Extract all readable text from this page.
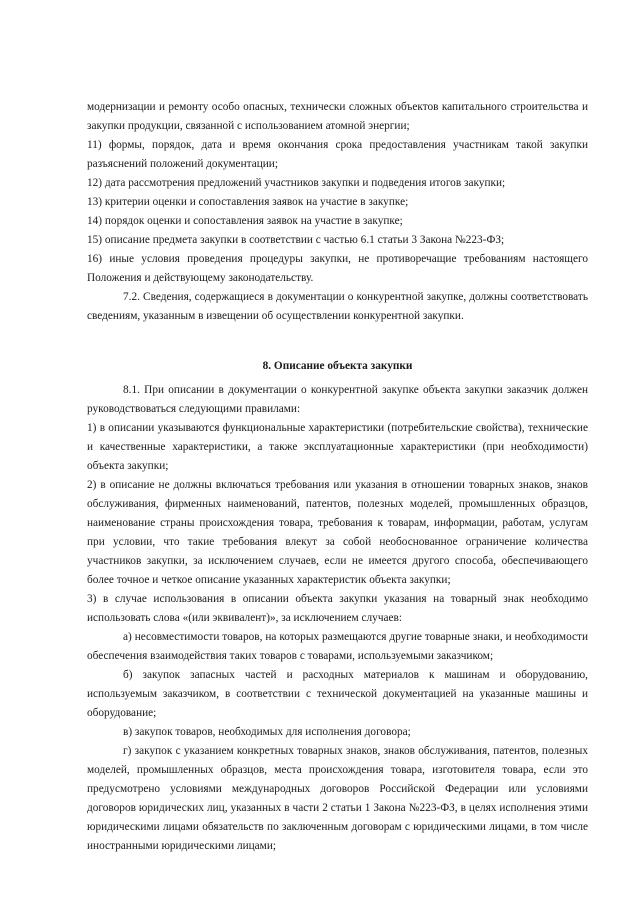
модернизации и ремонту особо опасных, технически сложных объектов капитального строительства и закупки продукции, связанной с использованием атомной энергии;

11) формы, порядок, дата и время окончания срока предоставления участникам такой закупки разъяснений положений документации;

12) дата рассмотрения предложений участников закупки и подведения итогов закупки;

13) критерии оценки и сопоставления заявок на участие в закупке;

14) порядок оценки и сопоставления заявок на участие в закупке;

15) описание предмета закупки в соответствии с частью 6.1 статьи 3 Закона №223-ФЗ;

16) иные условия проведения процедуры закупки, не противоречащие требованиям настоящего Положения и действующему законодательству.

7.2. Сведения, содержащиеся в документации о конкурентной закупке, должны соответствовать сведениям, указанным в извещении об осуществлении конкурентной закупки.

8. Описание объекта закупки

8.1. При описании в документации о конкурентной закупке объекта закупки заказчик должен руководствоваться следующими правилами:

1) в описании указываются функциональные характеристики (потребительские свойства), технические и качественные характеристики, а также эксплуатационные характеристики (при необходимости) объекта закупки;

2) в описание не должны включаться требования или указания в отношении товарных знаков, знаков обслуживания, фирменных наименований, патентов, полезных моделей, промышленных образцов, наименование страны происхождения товара, требования к товарам, информации, работам, услугам при условии, что такие требования влекут за собой необоснованное ограничение количества участников закупки, за исключением случаев, если не имеется другого способа, обеспечивающего более точное и четкое описание указанных характеристик объекта закупки;

3) в случае использования в описании объекта закупки указания на товарный знак необходимо использовать слова «(или эквивалент)», за исключением случаев:

а) несовместимости товаров, на которых размещаются другие товарные знаки, и необходимости обеспечения взаимодействия таких товаров с товарами, используемыми заказчиком;

б) закупок запасных частей и расходных материалов к машинам и оборудованию, используемым заказчиком, в соответствии с технической документацией на указанные машины и оборудование;

в) закупок товаров, необходимых для исполнения договора;

г) закупок с указанием конкретных товарных знаков, знаков обслуживания, патентов, полезных моделей, промышленных образцов, места происхождения товара, изготовителя товара, если это предусмотрено условиями международных договоров Российской Федерации или условиями договоров юридических лиц, указанных в части 2 статьи 1 Закона №223-ФЗ, в целях исполнения этими юридическими лицами обязательств по заключенным договорам с юридическими лицами, в том числе иностранными юридическими лицами;
